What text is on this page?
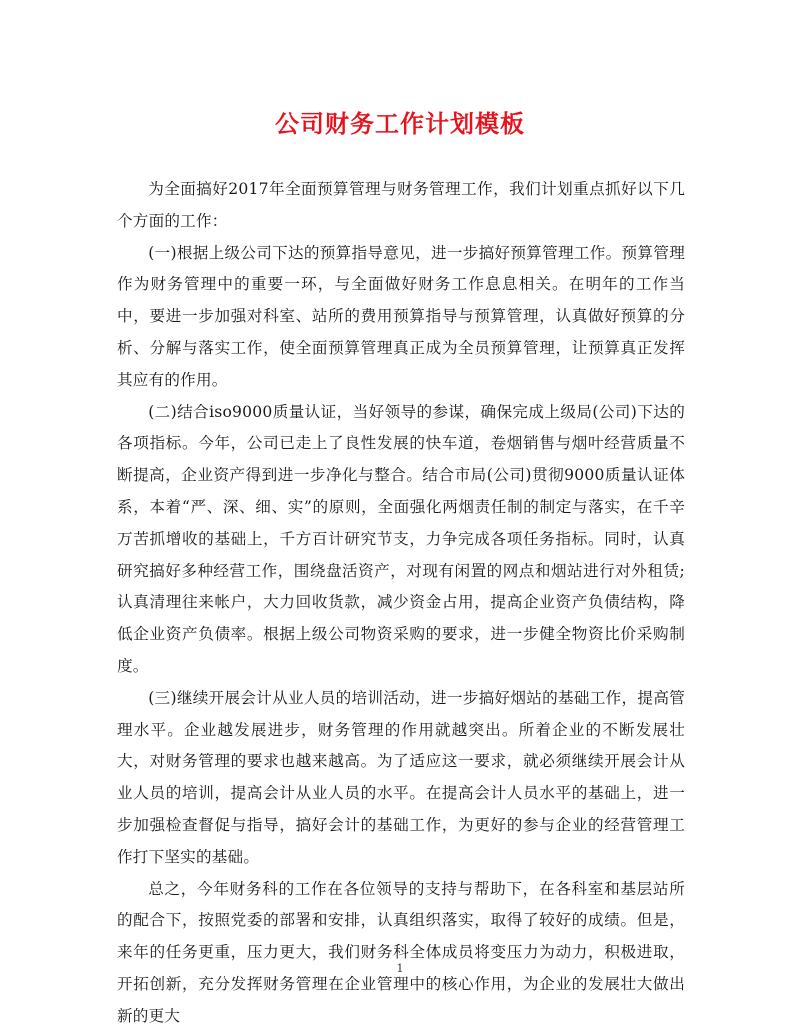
公司财务工作计划模板

为全面搞好2017年全面预算管理与财务管理工作，我们计划重点抓好以下几个方面的工作：

(一)根据上级公司下达的预算指导意见，进一步搞好预算管理工作。预算管理作为财务管理中的重要一环，与全面做好财务工作息息相关。在明年的工作当中，要进一步加强对科室、站所的费用预算指导与预算管理，认真做好预算的分析、分解与落实工作，使全面预算管理真正成为全员预算管理，让预算真正发挥其应有的作用。

(二)结合iso9000质量认证，当好领导的参谋，确保完成上级局(公司)下达的各项指标。今年，公司已走上了良性发展的快车道，卷烟销售与烟叶经营质量不断提高，企业资产得到进一步净化与整合。结合市局(公司)贯彻9000质量认证体系，本着“严、深、细、实”的原则，全面强化两烟责任制的制定与落实，在千辛万苦抓增收的基础上，千方百计研究节支，力争完成各项任务指标。同时，认真研究搞好多种经营工作，围绕盘活资产，对现有闲置的网点和烟站进行对外租赁;认真清理往来帐户，大力回收货款，减少资金占用，提高企业资产负债结构，降低企业资产负债率。根据上级公司物资采购的要求，进一步健全物资比价采购制度。

(三)继续开展会计从业人员的培训活动，进一步搞好烟站的基础工作，提高管理水平。企业越发展进步，财务管理的作用就越突出。所着企业的不断发展壮大，对财务管理的要求也越来越高。为了适应这一要求，就必须继续开展会计从业人员的培训，提高会计从业人员的水平。在提高会计人员水平的基础上，进一步加强检查督促与指导，搞好会计的基础工作，为更好的参与企业的经营管理工作打下坚实的基础。

总之，今年财务科的工作在各位领导的支持与帮助下，在各科室和基层站所的配合下，按照党委的部署和安排，认真组织落实，取得了较好的成绩。但是，来年的任务更重，压力更大，我们财务科全体成员将变压力为动力，积极进取，开拓创新，充分发挥财务管理在企业管理中的核心作用，为企业的发展壮大做出新的更大

1
